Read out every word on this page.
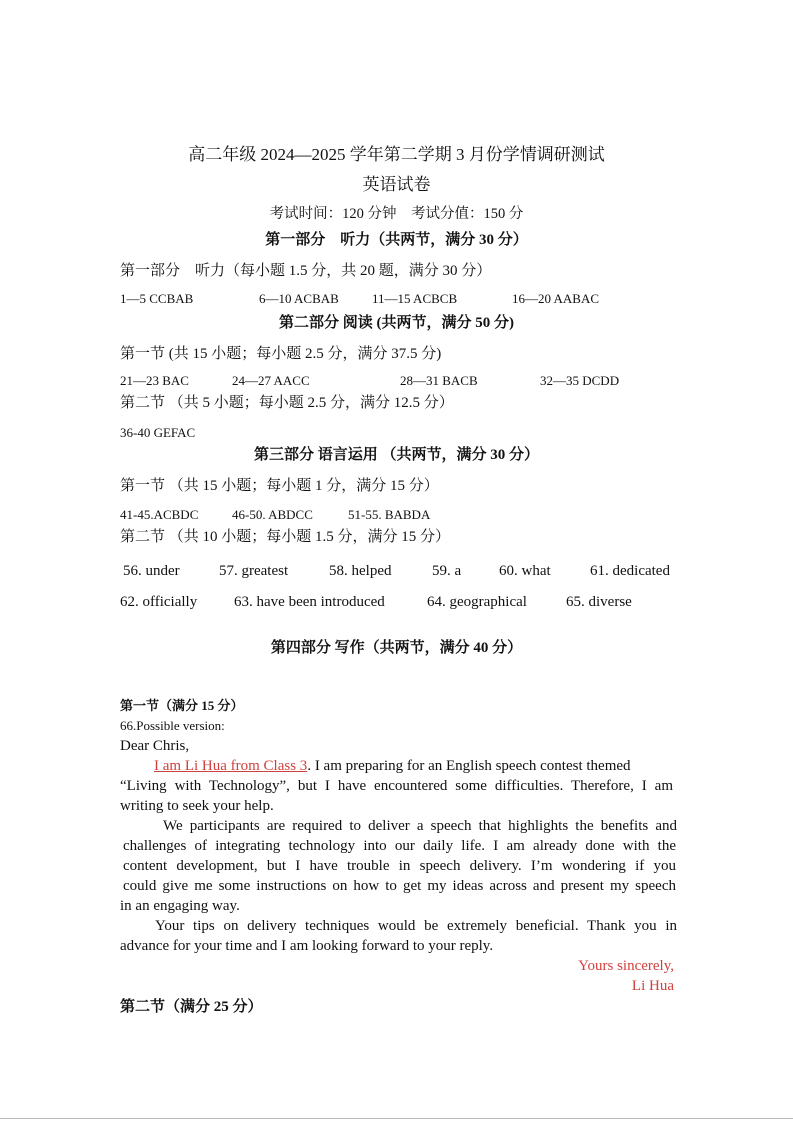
高二年级 2024—2025 学年第二学期 3 月份学情调研测试
英语试卷
考试时间：120 分钟　考试分值：150 分
第一部分　听力（共两节，满分 30 分）
第一部分　听力（每小题 1.5 分，共 20 题，满分 30 分）
1—5 CCBAB	6—10 ACBAB	11—15 ACBCB	16—20 AABAC
第二部分 阅读 (共两节，满分 50 分)
第一节 (共 15 小题；每小题 2.5 分，满分 37.5 分)
21—23 BAC	24—27 AACC	28—31 BACB	32—35 DCDD
第二节 （共 5 小题；每小题 2.5 分，满分 12.5 分）
36-40 GEFAC
第三部分 语言运用 （共两节，满分 30 分）
第一节 （共 15 小题；每小题 1 分，满分 15 分）
41-45.ACBDC	46-50. ABDCC	51-55. BABDA
第二节 （共 10 小题；每小题 1.5 分，满分 15 分）
56. under	57. greatest	58. helped	59. a	60. what	61. dedicated
62. officially 63. have been introduced	64. geographical	65. diverse
第四部分 写作（共两节，满分 40 分）
第一节（满分 15 分）
66.Possible version:
Dear Chris,
I am Li Hua from Class 3. I am preparing for an English speech contest themed
“Living with Technology”, but I have encountered some difficulties. Therefore, I am
writing to seek your help.
We participants are required to deliver a speech that highlights the benefits and
challenges of integrating technology into our daily life. I am already done with the
content development, but I have trouble in speech delivery. I’m wondering if you
could give me some instructions on how to get my ideas across and present my speech
in an engaging way.
Your tips on delivery techniques would be extremely beneficial. Thank you in
advance for your time and I am looking forward to your reply.
Yours sincerely,
Li Hua
第二节（满分 25 分）
